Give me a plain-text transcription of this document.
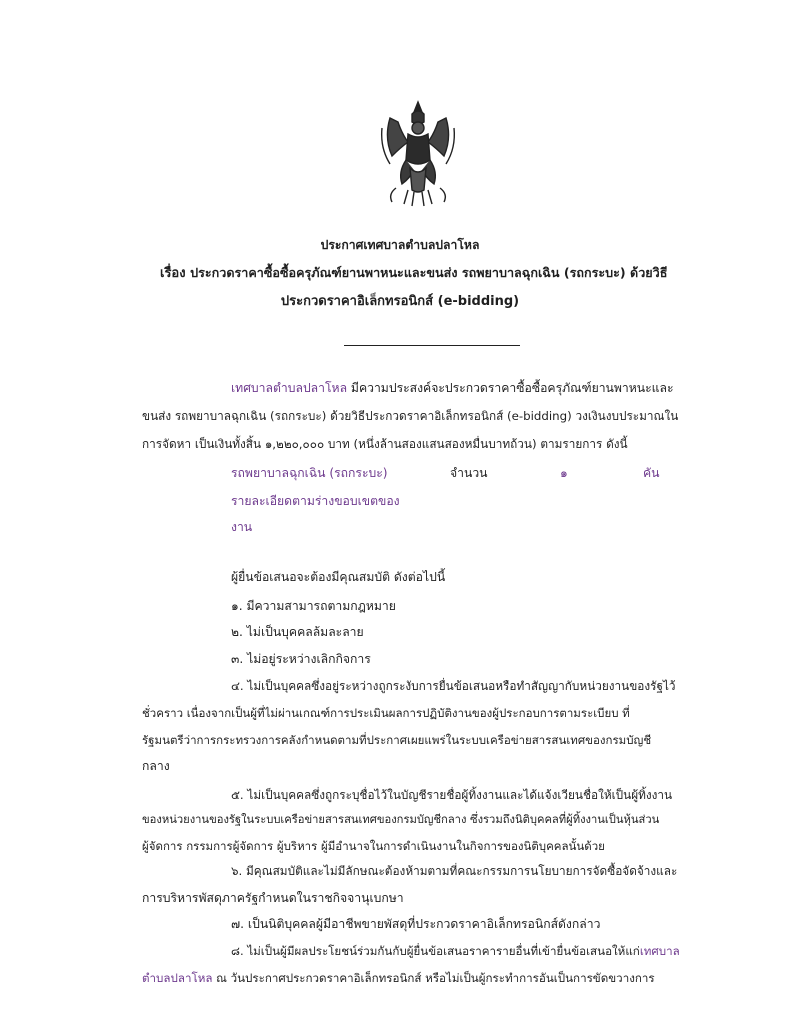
ประกาศเทศบาลตำบลปลาโหล
เรื่อง ประกวดราคาซื้อซื้อครุภัณฑ์ยานพาหนะและขนส่ง รถพยาบาลฉุกเฉิน (รถกระบะ) ด้วยวิธี
ประกวดราคาอิเล็กทรอนิกส์ (e-bidding)
เทศบาลตำบลปลาโหล มีความประสงค์จะประกวดราคาซื้อซื้อครุภัณฑ์ยานพาหนะและ
ขนส่ง รถพยาบาลฉุกเฉิน (รถกระบะ) ด้วยวิธีประกวดราคาอิเล็กทรอนิกส์ (e-bidding) วงเงินงบประมาณใน
การจัดหา เป็นเงินทั้งสิ้น ๑,๒๒๐,๐๐๐ บาท (หนึ่งล้านสองแสนสองหมื่นบาทถ้วน) ตามรายการ ดังนี้
รถพยาบาลฉุกเฉิน (รถกระบะ)	จำนวน	๑	คัน
รายละเอียดตามร่างขอบเขตของ
งาน
ผู้ยื่นข้อเสนอจะต้องมีคุณสมบัติ ดังต่อไปนี้
๑. มีความสามารถตามกฎหมาย
๒. ไม่เป็นบุคคลล้มละลาย
๓. ไม่อยู่ระหว่างเลิกกิจการ
๔. ไม่เป็นบุคคลซึ่งอยู่ระหว่างถูกระงับการยื่นข้อเสนอหรือทำสัญญากับหน่วยงานของรัฐไว้
ชั่วคราว เนื่องจากเป็นผู้ที่ไม่ผ่านเกณฑ์การประเมินผลการปฏิบัติงานของผู้ประกอบการตามระเบียบ ที่
รัฐมนตรีว่าการกระทรวงการคลังกำหนดตามที่ประกาศเผยแพร่ในระบบเครือข่ายสารสนเทศของกรมบัญชี
กลาง
๕. ไม่เป็นบุคคลซึ่งถูกระบุชื่อไว้ในบัญชีรายชื่อผู้ทิ้งงานและได้แจ้งเวียนชื่อให้เป็นผู้ทิ้งงาน
ของหน่วยงานของรัฐในระบบเครือข่ายสารสนเทศของกรมบัญชีกลาง ซึ่งรวมถึงนิติบุคคลที่ผู้ทิ้งงานเป็นหุ้นส่วน
ผู้จัดการ กรรมการผู้จัดการ ผู้บริหาร ผู้มีอำนาจในการดำเนินงานในกิจการของนิติบุคคลนั้นด้วย
๖. มีคุณสมบัติและไม่มีลักษณะต้องห้ามตามที่คณะกรรมการนโยบายการจัดซื้อจัดจ้างและ
การบริหารพัสดุภาครัฐกำหนดในราชกิจจานุเบกษา
๗. เป็นนิติบุคคลผู้มีอาชีพขายพัสดุที่ประกวดราคาอิเล็กทรอนิกส์ดังกล่าว
๘. ไม่เป็นผู้มีผลประโยชน์ร่วมกันกับผู้ยื่นข้อเสนอราคารายอื่นที่เข้ายื่นข้อเสนอให้แก่เทศบาล
ตำบลปลาโหล ณ วันประกาศประกวดราคาอิเล็กทรอนิกส์ หรือไม่เป็นผู้กระทำการอันเป็นการขัดขวางการ
